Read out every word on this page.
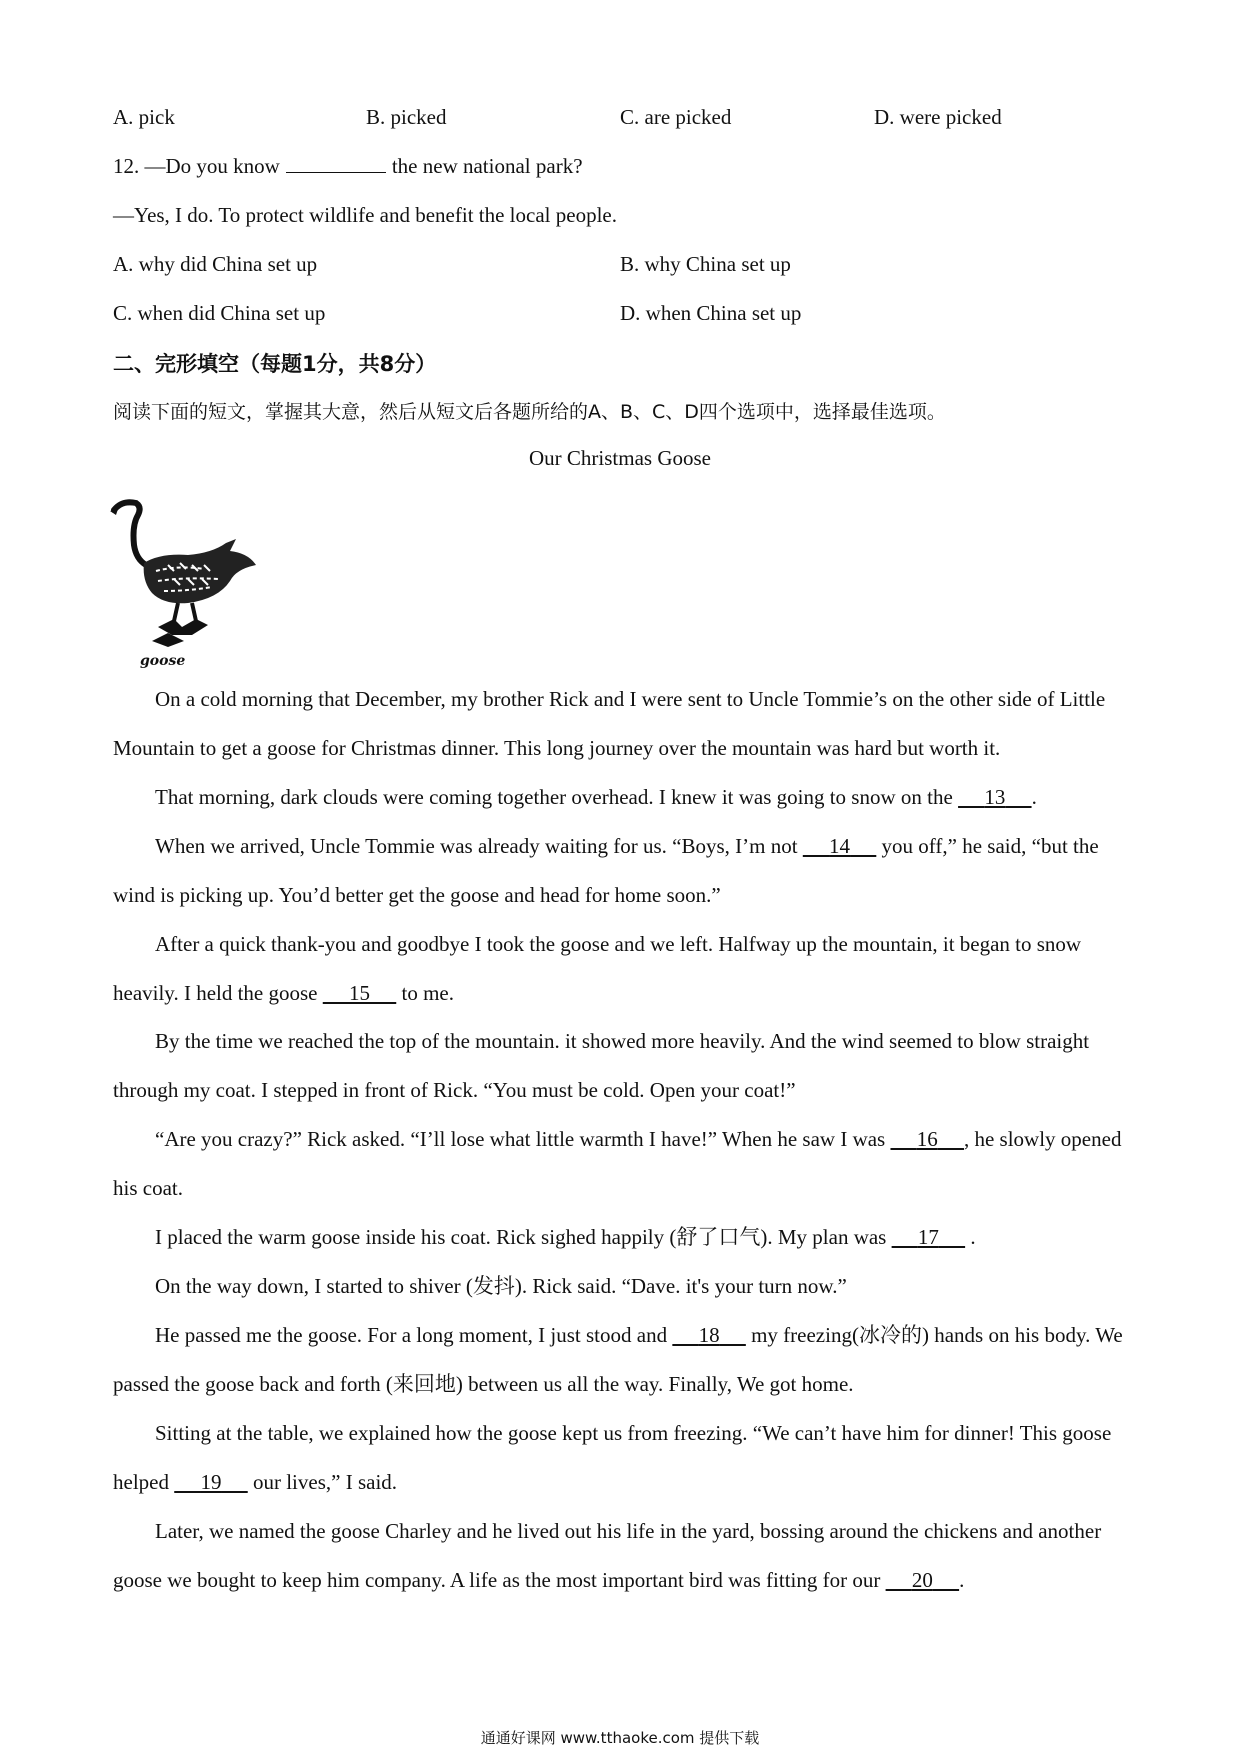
A. pick	B. picked	C. are picked	D. were picked
12. —Do you know	the new national park?
—Yes, I do. To protect wildlife and benefit the local people.
A. why did China set up	B. why China set up
C. when did China set up	D. when China set up
二、完形填空（每题1分，共8分）
阅读下面的短文，掌握其大意，然后从短文后各题所给的A、B、C、D四个选项中，选择最佳选项。
Our Christmas Goose
goose
On a cold morning that December, my brother Rick and I were sent to Uncle Tommie’s on the other side of Little Mountain to get a goose for Christmas dinner. This long journey over the mountain was hard but worth it.
That morning, dark clouds were coming together overhead. I knew it was going to snow on the 13 .
When we arrived, Uncle Tommie was already waiting for us. “Boys, I’m not 14 you off,” he said, “but the wind is picking up. You’d better get the goose and head for home soon.”
After a quick thank-you and goodbye I took the goose and we left. Halfway up the mountain, it began to snow heavily. I held the goose 15 to me.
By the time we reached the top of the mountain. it showed more heavily. And the wind seemed to blow straight through my coat. I stepped in front of Rick. “You must be cold. Open your coat!”
“Are you crazy?” Rick asked. “I’ll lose what little warmth I have!” When he saw I was 16 , he slowly opened his coat.
I placed the warm goose inside his coat. Rick sighed happily (舒了口气). My plan was 17 .
On the way down, I started to shiver (发抖). Rick said. “Dave. it's your turn now.”
He passed me the goose. For a long moment, I just stood and 18 my freezing(冰冷的) hands on his body. We passed the goose back and forth (来回地) between us all the way. Finally, We got home.
Sitting at the table, we explained how the goose kept us from freezing. “We can’t have him for dinner! This goose helped 19 our lives,” I said.
Later, we named the goose Charley and he lived out his life in the yard, bossing around the chickens and another goose we bought to keep him company. A life as the most important bird was fitting for our 20 .
通通好课网 www.tthaoke.com 提供下载
